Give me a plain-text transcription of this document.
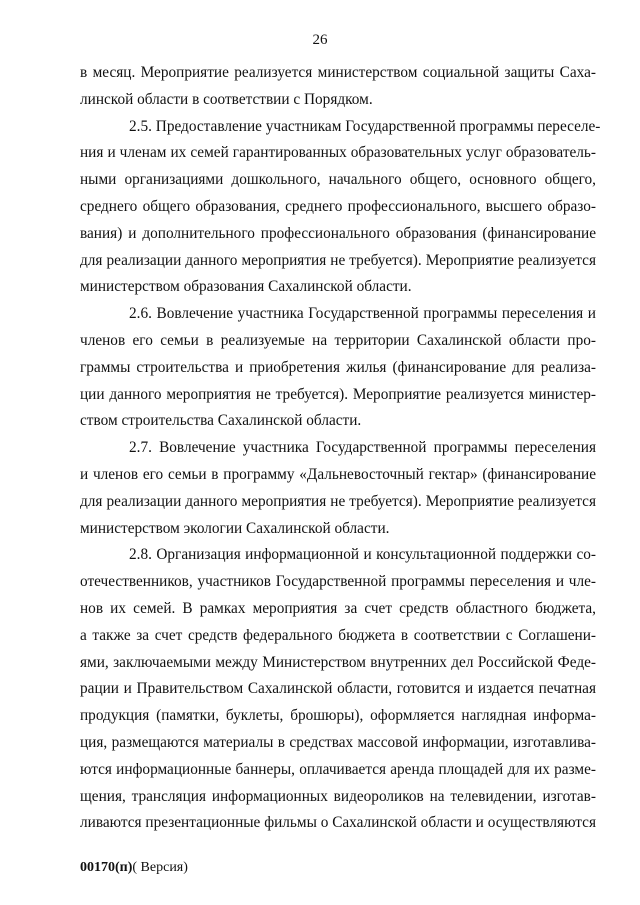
26
в месяц. Мероприятие реализуется министерством социальной защиты Саха-
линской области в соответствии с Порядком.
2.5. Предоставление участникам Государственной программы переселе-
ния и членам их семей гарантированных образовательных услуг образователь-
ными организациями дошкольного, начального общего, основного общего,
среднего общего образования, среднего профессионального, высшего образо-
вания) и дополнительного профессионального образования (финансирование
для реализации данного мероприятия не требуется). Мероприятие реализуется
министерством образования Сахалинской области.
2.6. Вовлечение участника Государственной программы переселения и
членов его семьи в реализуемые на территории Сахалинской области про-
граммы строительства и приобретения жилья (финансирование для реализа-
ции данного мероприятия не требуется). Мероприятие реализуется министер-
ством строительства Сахалинской области.
2.7. Вовлечение участника Государственной программы переселения
и членов его семьи в программу «Дальневосточный гектар» (финансирование
для реализации данного мероприятия не требуется). Мероприятие реализуется
министерством экологии Сахалинской области.
2.8. Организация информационной и консультационной поддержки со-
отечественников, участников Государственной программы переселения и чле-
нов их семей. В рамках мероприятия за счет средств областного бюджета,
а также за счет средств федерального бюджета в соответствии с Соглашени-
ями, заключаемыми между Министерством внутренних дел Российской Феде-
рации и Правительством Сахалинской области, готовится и издается печатная
продукция (памятки, буклеты, брошюры), оформляется наглядная информа-
ция, размещаются материалы в средствах массовой информации, изготавлива-
ются информационные баннеры, оплачивается аренда площадей для их разме-
щения, трансляция информационных видеороликов на телевидении, изготав-
ливаются презентационные фильмы о Сахалинской области и осуществляются
00170(п)( Версия)
